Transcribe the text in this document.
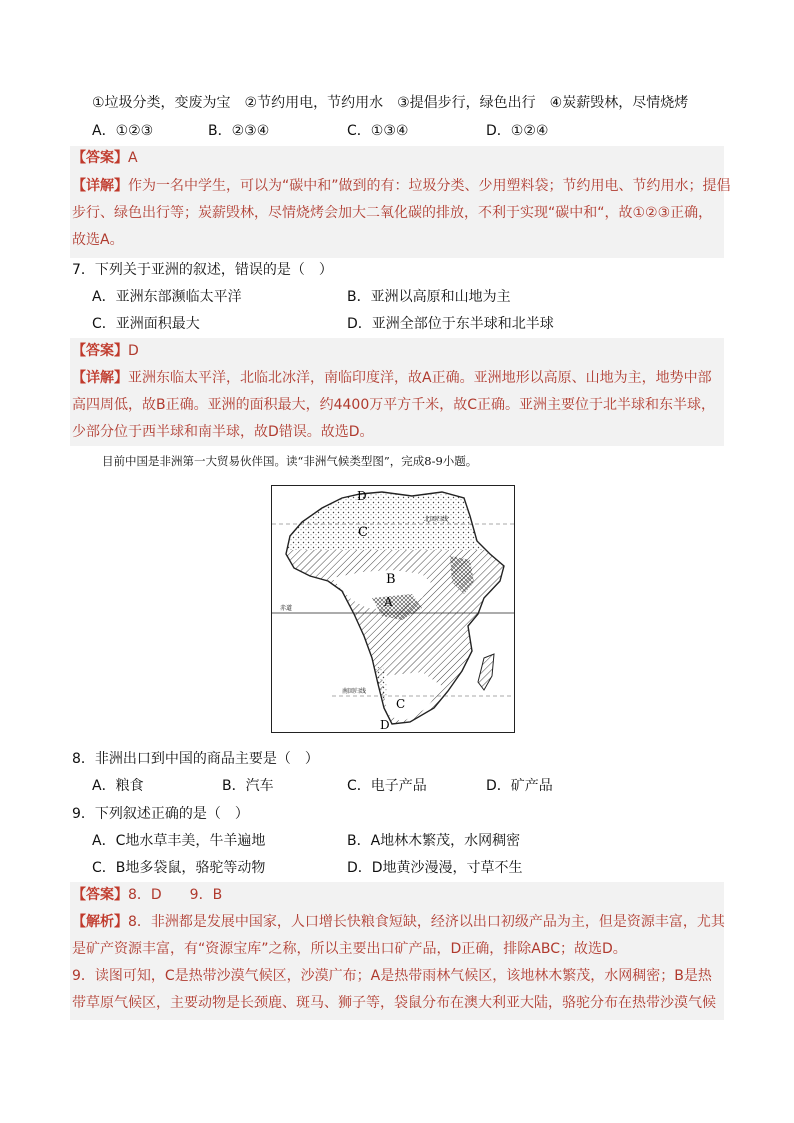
①垃圾分类，变废为宝　②节约用电，节约用水　③提倡步行，绿色出行　④炭薪毁林，尽情烧烤
A．①②③	B．②③④	C．①③④	D．①②④
【答案】A
【详解】作为一名中学生，可以为“碳中和”做到的有：垃圾分类、少用塑料袋；节约用电、节约用水；提倡
步行、绿色出行等；炭薪毁林，尽情烧烤会加大二氧化碳的排放，不利于实现“碳中和“，故①②③正确，
故选A。
7．下列关于亚洲的叙述，错误的是（　）
A．亚洲东部濒临太平洋	B．亚洲以高原和山地为主
C．亚洲面积最大	D．亚洲全部位于东半球和北半球
【答案】D
【详解】亚洲东临太平洋，北临北冰洋，南临印度洋，故A正确。亚洲地形以高原、山地为主，地势中部
高四周低，故B正确。亚洲的面积最大，约4400万平方千米，故C正确。亚洲主要位于北半球和东半球，
少部分位于西半球和南半球，故D错误。故选D。
目前中国是非洲第一大贸易伙伴国。读“非洲气候类型图”，完成8-9小题。
D
C
B
A
C
D
北回归线
赤道
南回归线
8．非洲出口到中国的商品主要是（　）
A．粮食	B．汽车	C．电子产品	D．矿产品
9．下列叙述正确的是（　）
A．C地水草丰美，牛羊遍地	B．A地林木繁茂，水网稠密
C．B地多袋鼠，骆驼等动物	D．D地黄沙漫漫，寸草不生
【答案】8．D　　9．B
【解析】8．非洲都是发展中国家，人口增长快粮食短缺，经济以出口初级产品为主，但是资源丰富，尤其
是矿产资源丰富，有“资源宝库”之称，所以主要出口矿产品，D正确，排除ABC；故选D。
9．读图可知，C是热带沙漠气候区，沙漠广布；A是热带雨林气候区，该地林木繁茂，水网稠密；B是热
带草原气候区，主要动物是长颈鹿、斑马、狮子等，袋鼠分布在澳大利亚大陆，骆驼分布在热带沙漠气候
